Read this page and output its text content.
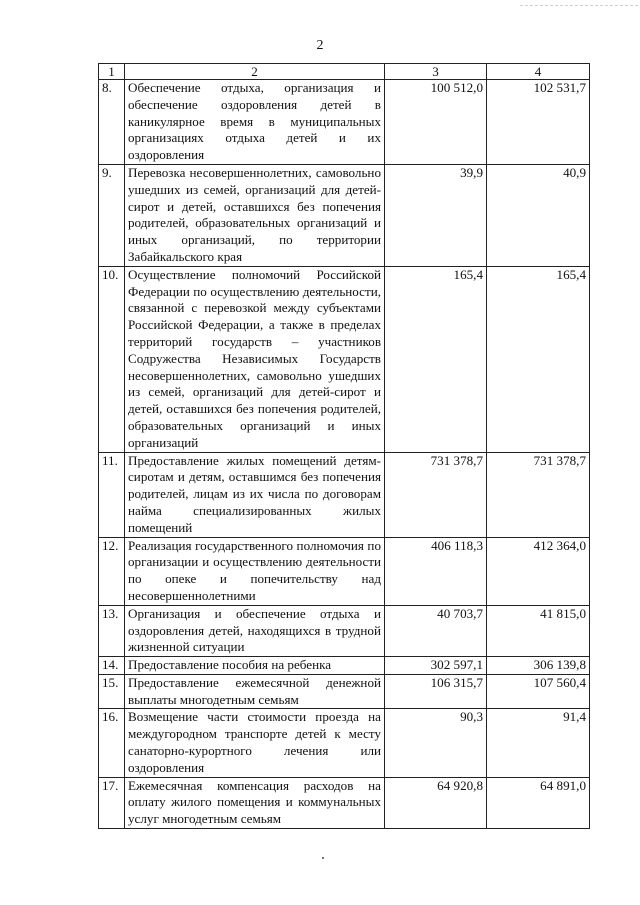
2
1	2	3	4
8.	Обеспечение отдыха, организация и обеспечение оздоровления детей в каникулярное время в муниципальных организациях отдыха детей и их оздоровления	100 512,0	102 531,7
9.	Перевозка несовершеннолетних, самовольно ушедших из семей, организаций для детей-сирот и детей, оставшихся без попечения родителей, образовательных организаций и иных организаций, по территории Забайкальского края	39,9	40,9
10.	Осуществление полномочий Российской Федерации по осуществлению деятельности, связанной с перевозкой между субъектами Российской Федерации, а также в пределах территорий государств – участников Содружества Независимых Государств несовершеннолетних, самовольно ушедших из семей, организаций для детей-сирот и детей, оставшихся без попечения родителей, образовательных организаций и иных организаций	165,4	165,4
11.	Предоставление жилых помещений детям-сиротам и детям, оставшимся без попечения родителей, лицам из их числа по договорам найма специализированных жилых помещений	731 378,7	731 378,7
12.	Реализация государственного полномочия по организации и осуществлению деятельности по опеке и попечительству над несовершеннолетними	406 118,3	412 364,0
13.	Организация и обеспечение отдыха и оздоровления детей, находящихся в трудной жизненной ситуации	40 703,7	41 815,0
14.	Предоставление пособия на ребенка	302 597,1	306 139,8
15.	Предоставление ежемесячной денежной выплаты многодетным семьям	106 315,7	107 560,4
16.	Возмещение части стоимости проезда на междугородном транспорте детей к месту санаторно-курортного лечения или оздоровления	90,3	91,4
17.	Ежемесячная компенсация расходов на оплату жилого помещения и коммунальных услуг многодетным семьям	64 920,8	64 891,0
